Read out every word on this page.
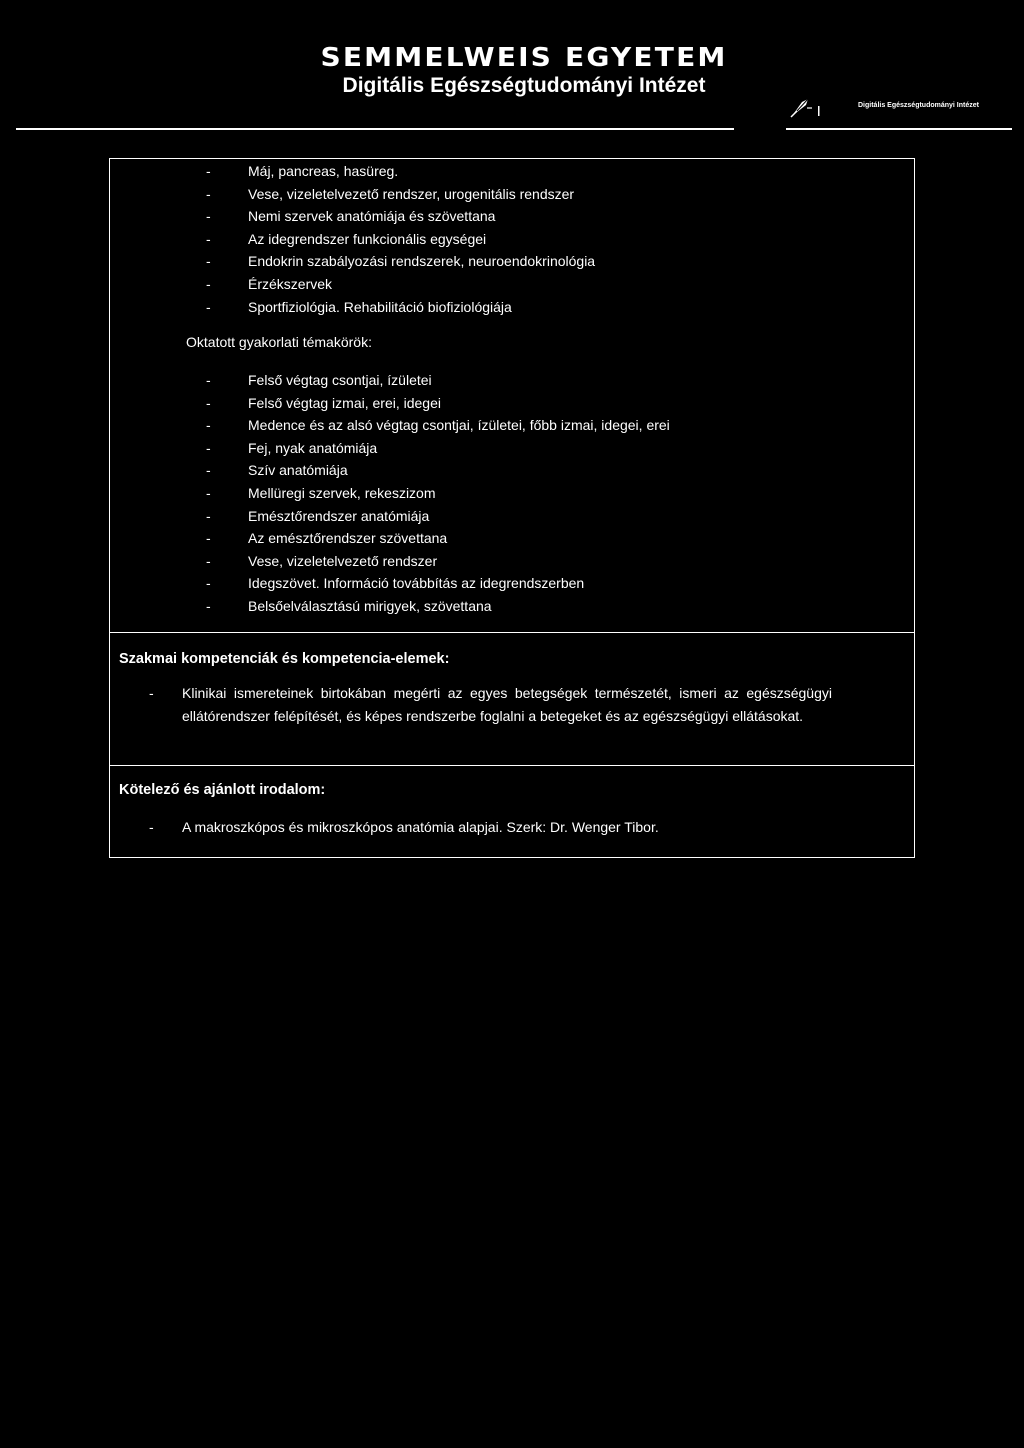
SEMMELWEIS EGYETEM
Digitális Egészségtudományi Intézet
Digitális Egészségtudományi Intézet
-	Máj, pancreas, hasüreg.

-	Vese, vizeletelvezető rendszer, urogenitális rendszer

-	Nemi szervek anatómiája és szövettana

-	Az idegrendszer funkcionális egységei

-	Endokrin szabályozási rendszerek, neuroendokrinológia

-	Érzékszervek

-	Sportfiziológia. Rehabilitáció biofiziológiája

Oktatott gyakorlati témakörök:
-	Felső végtag csontjai, ízületei

-	Felső végtag izmai, erei, idegei

-	Medence és az alsó végtag csontjai, ízületei, főbb izmai, idegei, erei

-	Fej, nyak anatómiája

-	Szív anatómiája

-	Mellüregi szervek, rekeszizom

-	Emésztőrendszer anatómiája

-	Az emésztőrendszer szövettana

-	Vese, vizeletelvezető rendszer

-	Idegszövet. Információ továbbítás az idegrendszerben

-	Belsőelválasztású mirigyek, szövettana

Szakmai kompetenciák és kompetencia-elemek:
- Klinikai ismereteinek birtokában megérti az egyes betegségek természetét, ismeri az egészségügyi ellátórendszer felépítését, és képes rendszerbe foglalni a betegeket és az egészségügyi ellátásokat.
Kötelező és ajánlott irodalom:
- A makroszkópos és mikroszkópos anatómia alapjai. Szerk: Dr. Wenger Tibor.
